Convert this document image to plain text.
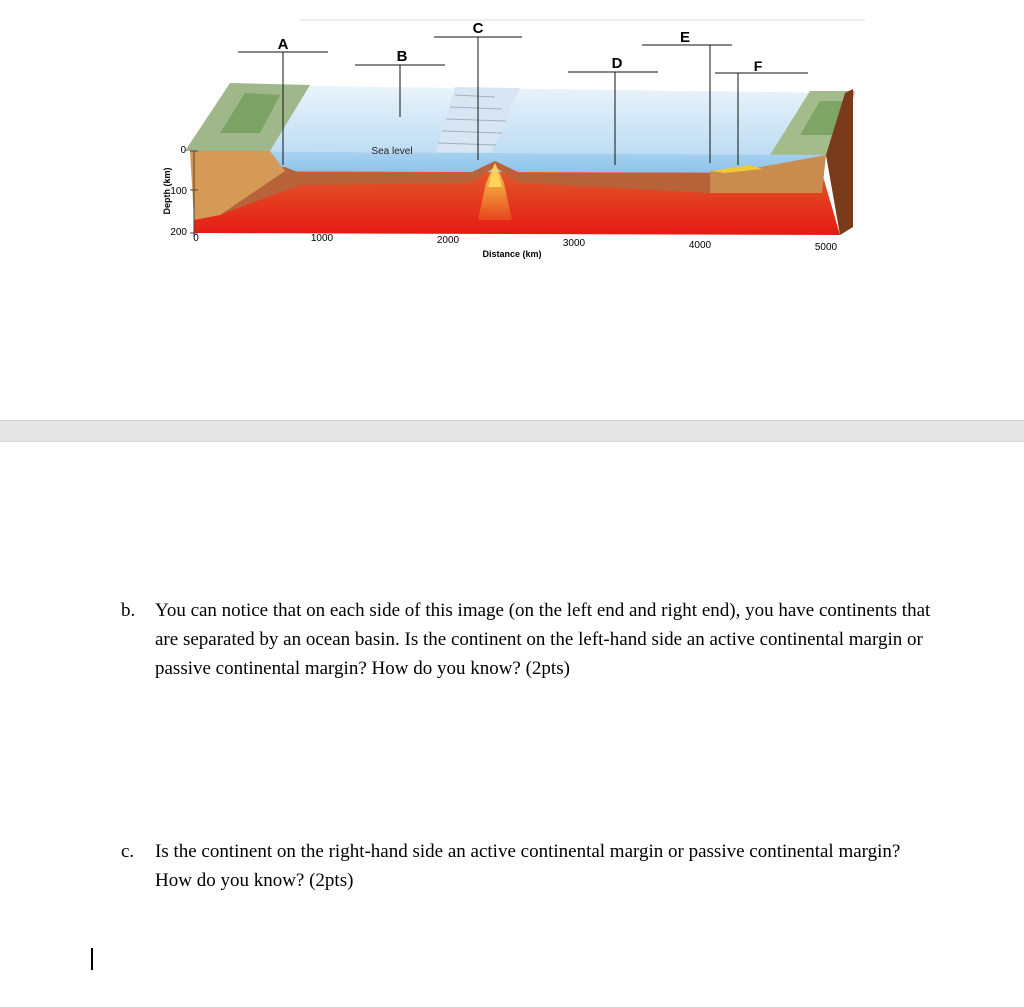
0
100
200
Depth (km)
0	1000	2000	3000	4000	5000
Distance (km)
Sea level
A
B
C
D
E
F
b. You can notice that on each side of this image (on the left end and right end), you have continents that are separated by an ocean basin. Is the continent on the left-hand side an active continental margin or passive continental margin? How do you know? (2pts)
c. Is the continent on the right-hand side an active continental margin or passive continental margin? How do you know? (2pts)
